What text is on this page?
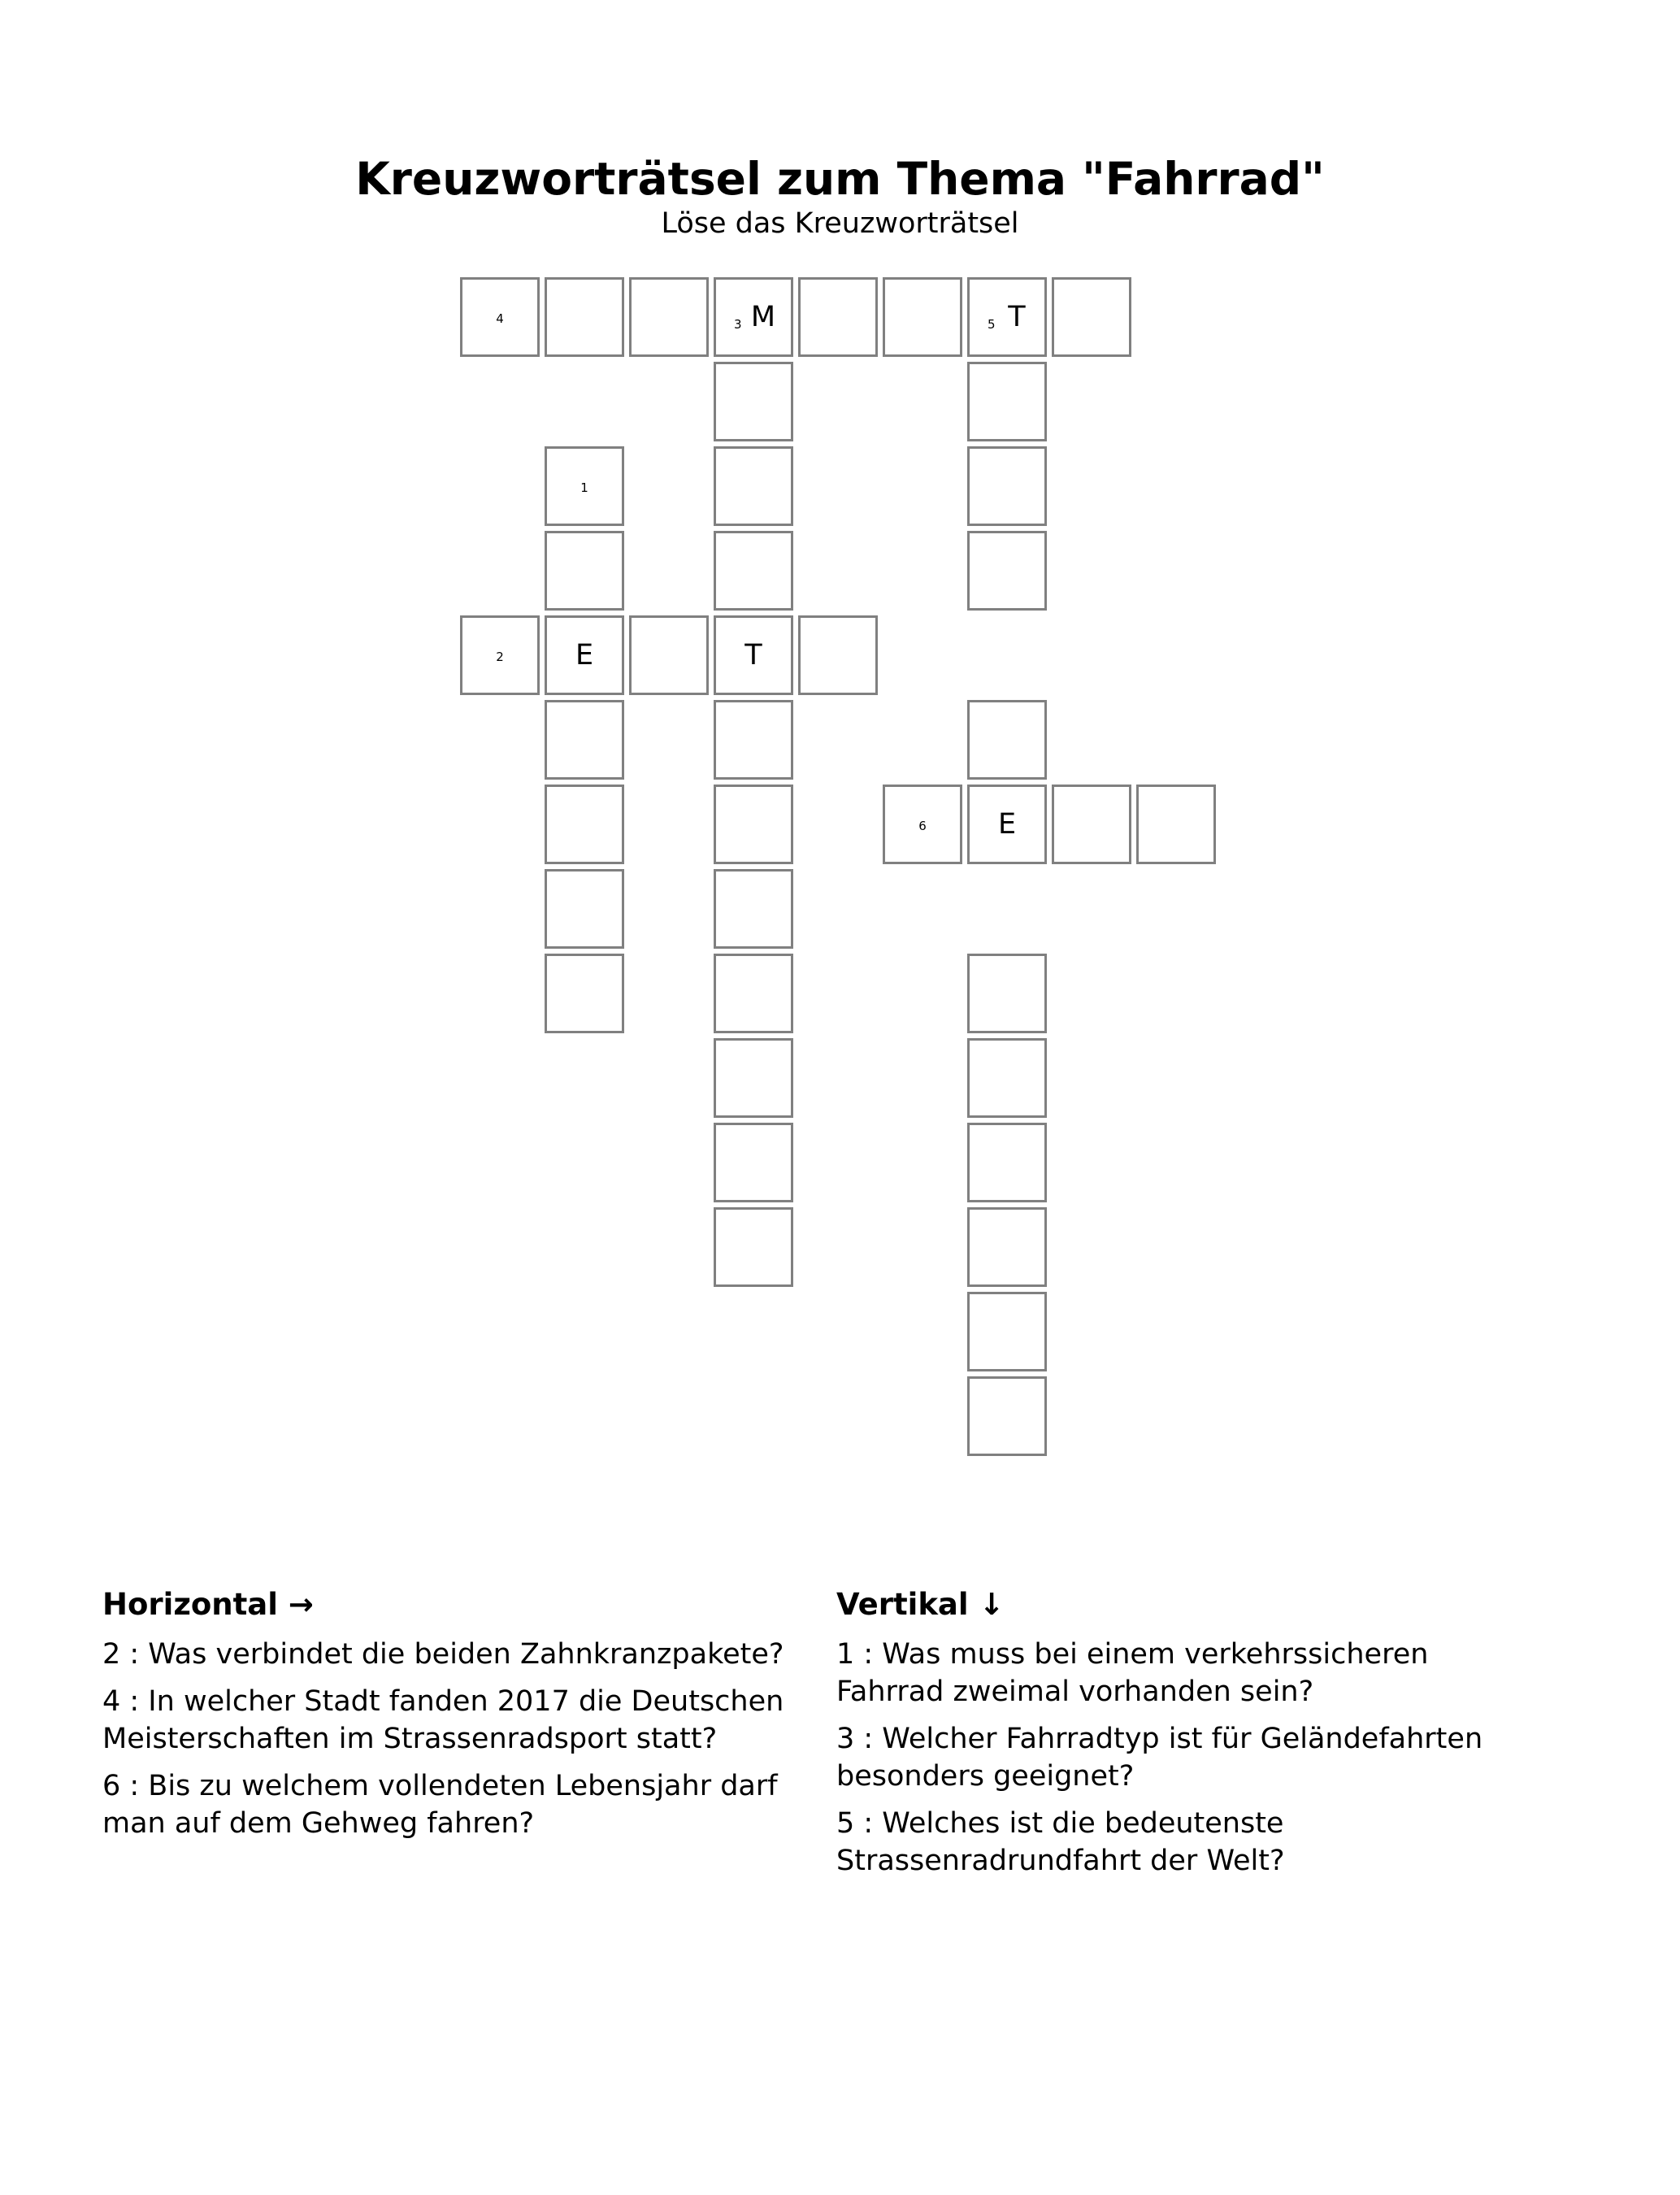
Kreuzworträtsel zum Thema "Fahrrad"
Löse das Kreuzworträtsel
4	3 M	5 T
1
2	E	T
6	E
Horizontal →
2 : Was verbindet die beiden Zahnkranzpakete?
4 : In welcher Stadt fanden 2017 die Deutschen Meisterschaften im Strassenradsport statt?
6 : Bis zu welchem vollendeten Lebensjahr darf man auf dem Gehweg fahren?
Vertikal ↓
1 : Was muss bei einem verkehrssicheren Fahrrad zweimal vorhanden sein?
3 : Welcher Fahrradtyp ist für Geländefahrten besonders geeignet?
5 : Welches ist die bedeutenste Strassenradrundfahrt der Welt?
